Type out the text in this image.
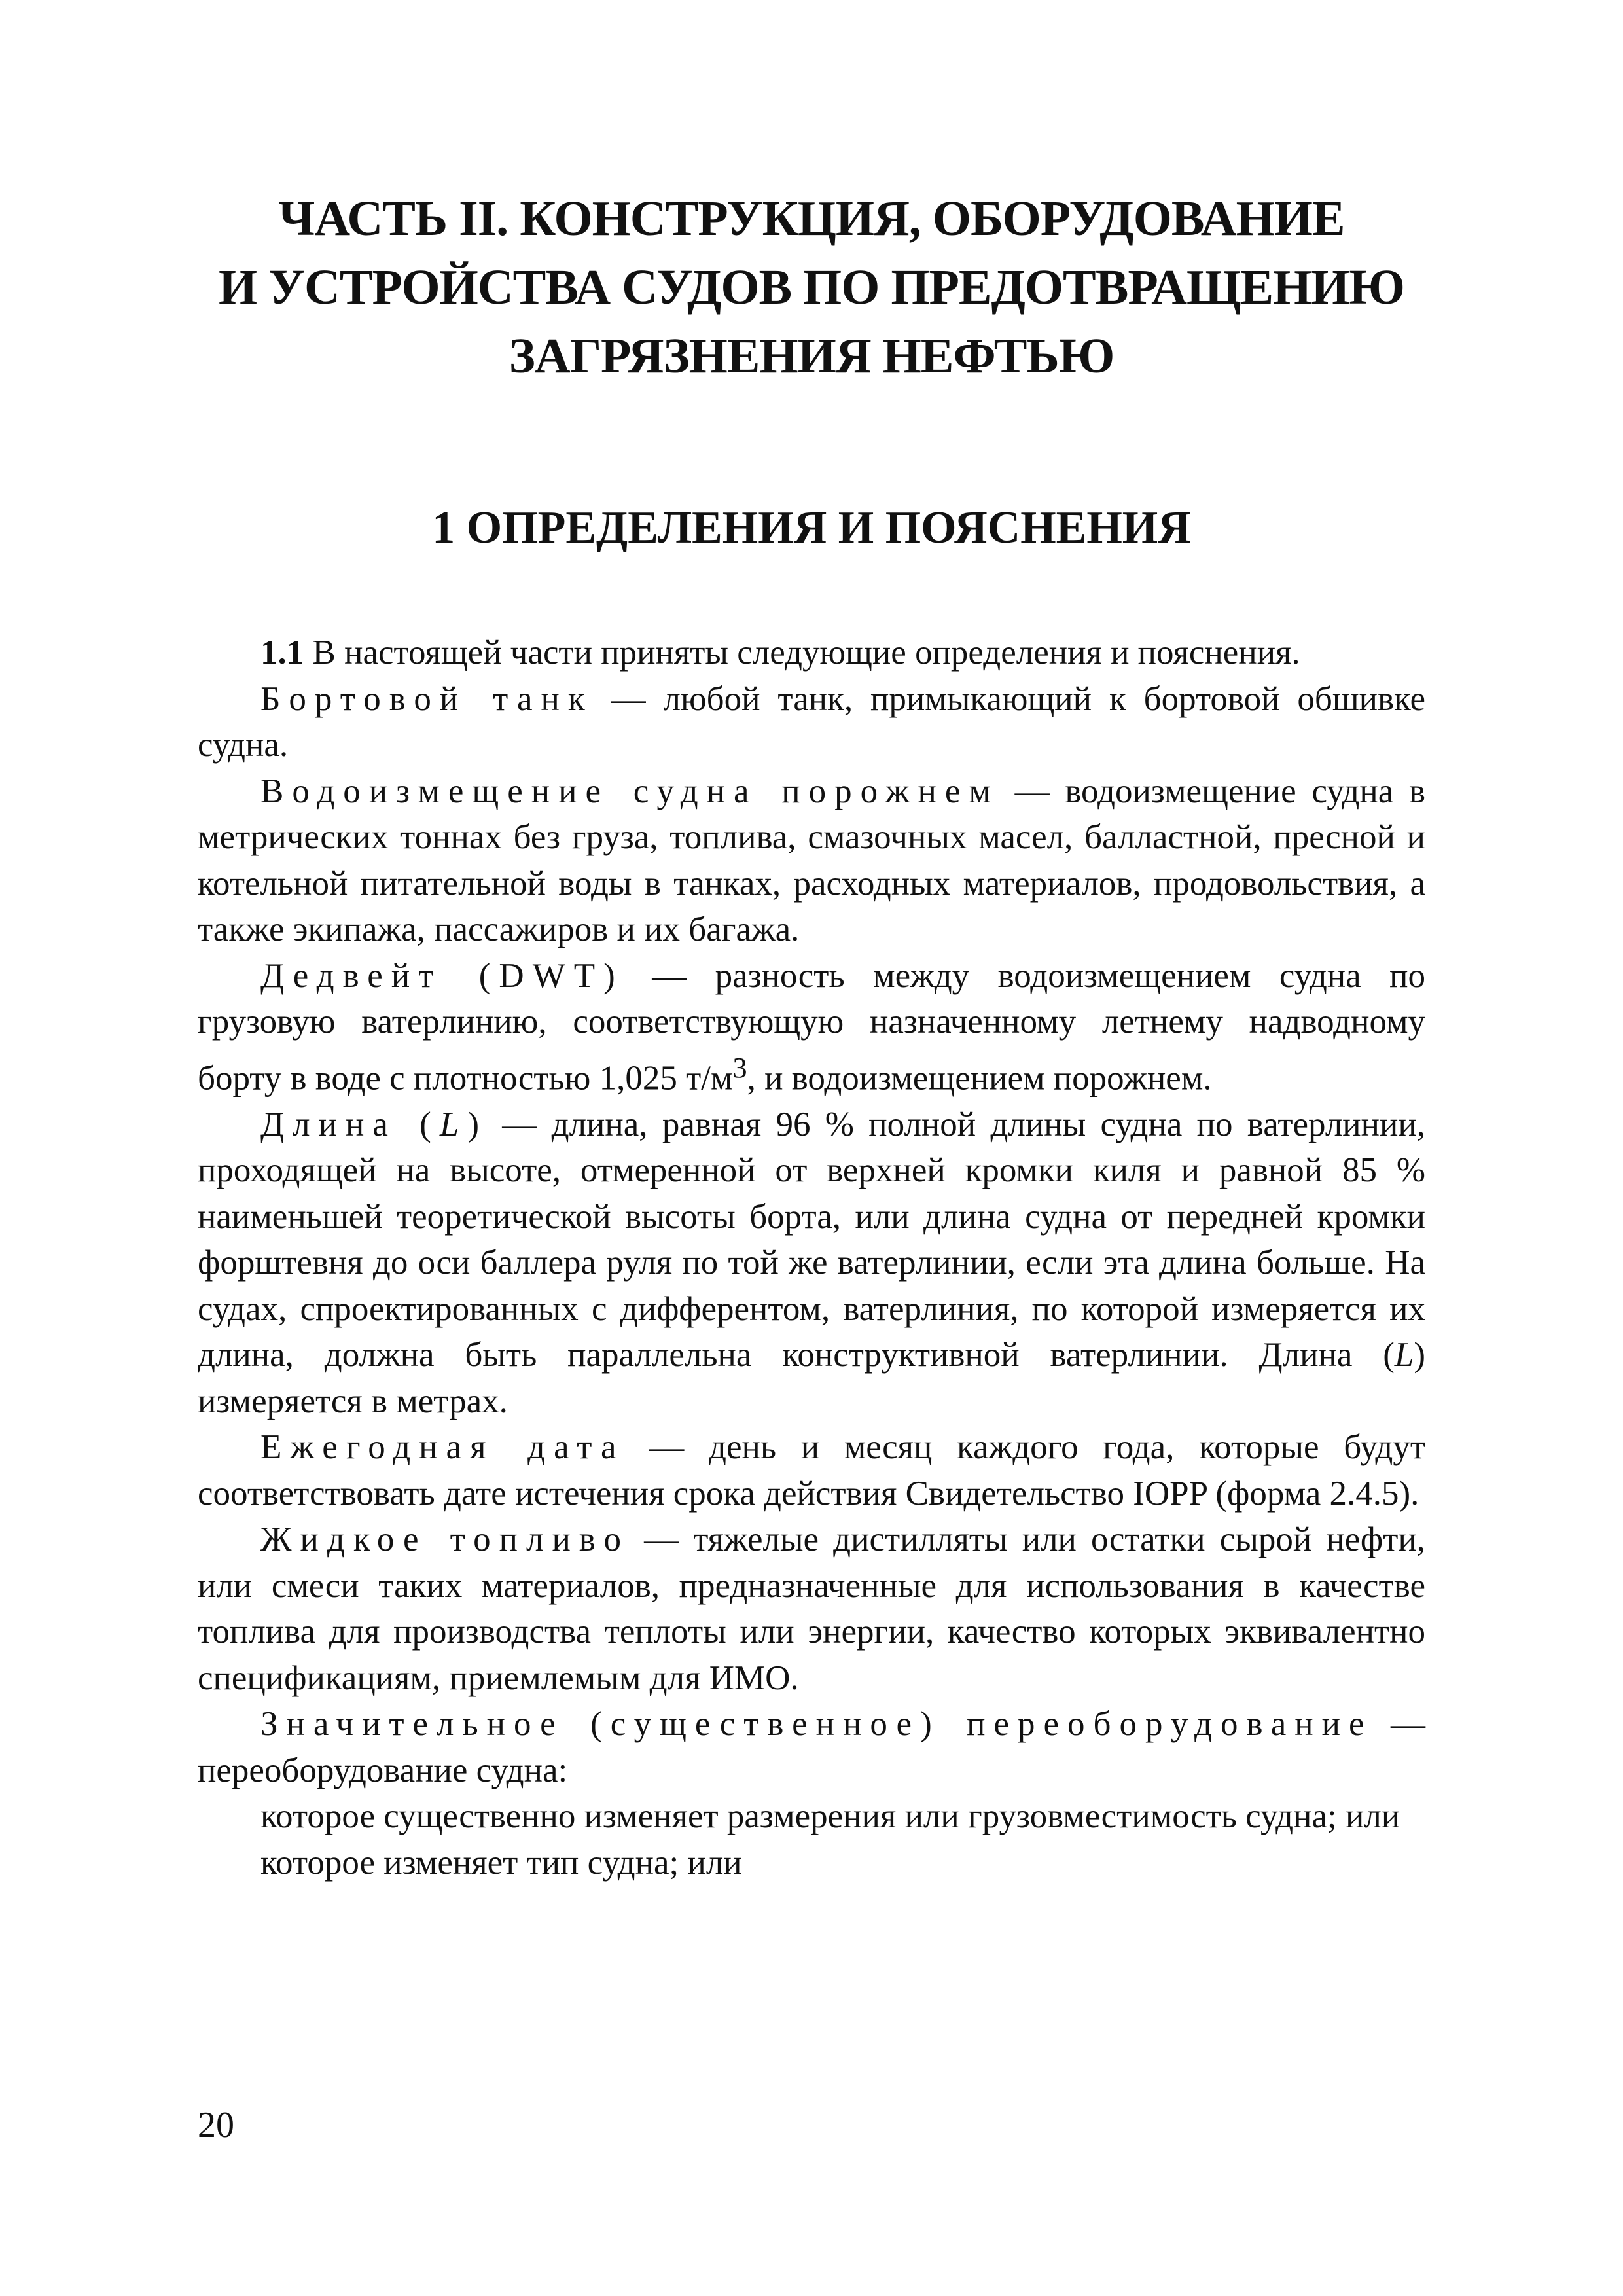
ЧАСТЬ II. КОНСТРУКЦИЯ, ОБОРУДОВАНИЕ
И УСТРОЙСТВА СУДОВ ПО ПРЕДОТВРАЩЕНИЮ
ЗАГРЯЗНЕНИЯ НЕФТЬЮ
1 ОПРЕДЕЛЕНИЯ И ПОЯСНЕНИЯ

1.1 В настоящей части приняты следующие определения и пояснения.

Бортовой танк — любой танк, примыкающий к бортовой обшивке судна.

Водоизмещение судна порожнем — водоизмещение судна в метрических тоннах без груза, топлива, смазочных масел, балластной, пресной и котельной питательной воды в танках, расходных материалов, продовольствия, а также экипажа, пассажиров и их багажа.

Дедвейт (DWT) — разность между водоизмещением судна по грузовую ватерлинию, соответствующую назначенному летнему надводному борту в воде с плотностью 1,025 $т/м^3$, и водоизмещением порожнем.

Длина (L) — длина, равная 96 % полной длины судна по ватерлинии, проходящей на высоте, отмеренной от верхней кромки киля и равной 85 % наименьшей теоретической высоты борта, или длина судна от передней кромки форштевня до оси баллера руля по той же ватерлинии, если эта длина больше. На судах, спроектированных с дифферентом, ватерлиния, по которой измеряется их длина, должна быть параллельна конструктивной ватерлинии. Длина (L) измеряется в метрах.

Ежегодная дата — день и месяц каждого года, которые будут соответствовать дате истечения срока действия Свидетельство IOPP (форма 2.4.5).

Жидкое топливо — тяжелые дистилляты или остатки сырой нефти, или смеси таких материалов, предназначенные для использования в качестве топлива для производства теплоты или энергии, качество которых эквивалентно спецификациям, приемлемым для ИМО.

Значительное (существенное) переоборудование — переоборудование судна:

которое существенно изменяет размерения или грузовместимость судна; или

которое изменяет тип судна; или

20
